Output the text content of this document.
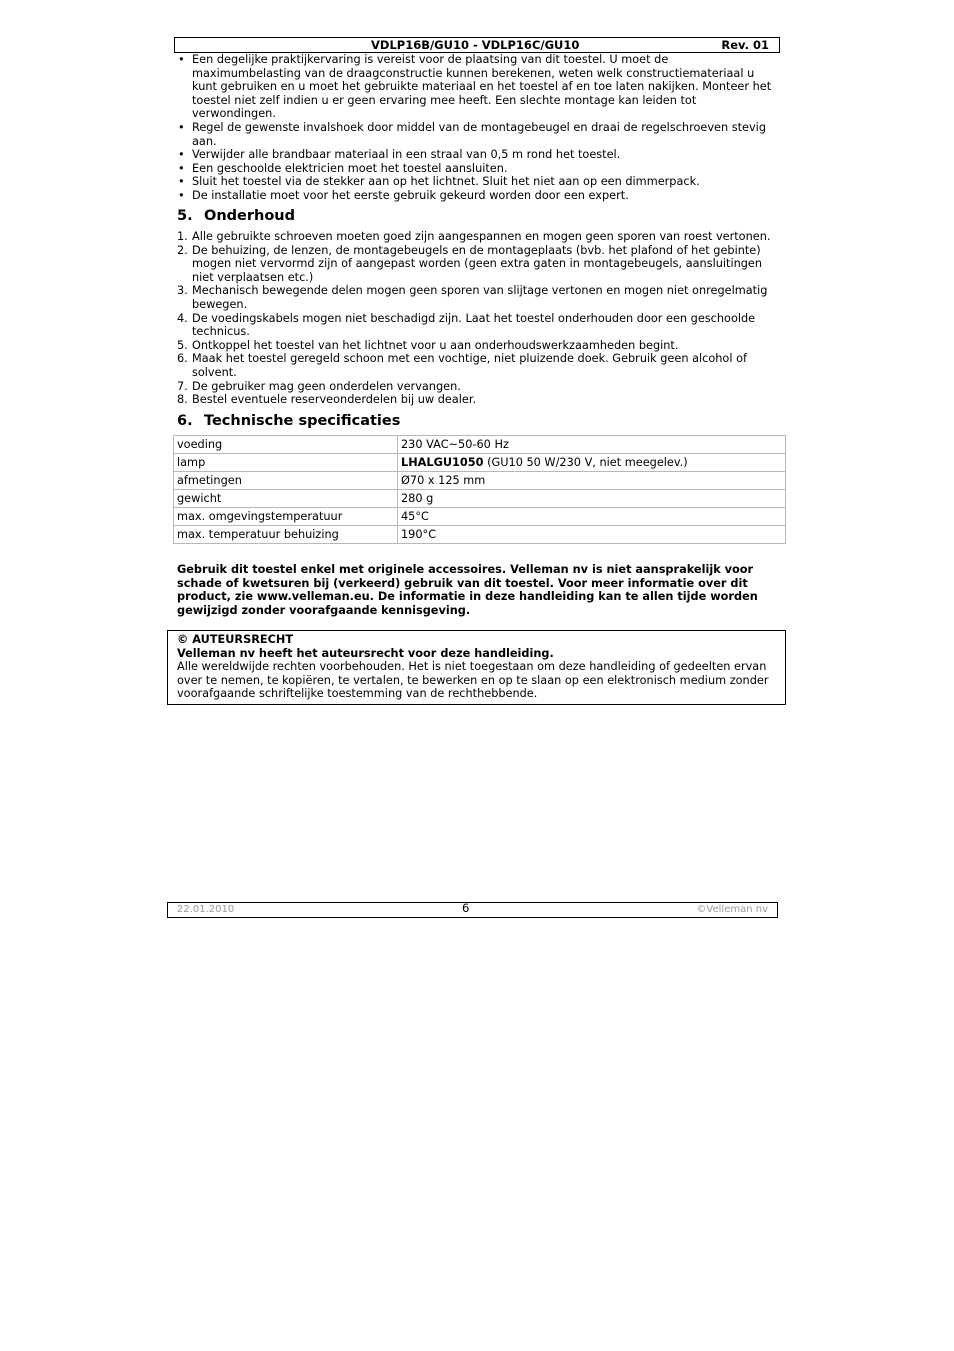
VDLP16B/GU10 - VDLP16C/GU10	Rev. 01
• Een degelijke praktijkervaring is vereist voor de plaatsing van dit toestel. U moet de maximumbelasting van de draagconstructie kunnen berekenen, weten welk constructiemateriaal u kunt gebruiken en u moet het gebruikte materiaal en het toestel af en toe laten nakijken. Monteer het toestel niet zelf indien u er geen ervaring mee heeft. Een slechte montage kan leiden tot verwondingen.
• Regel de gewenste invalshoek door middel van de montagebeugel en draai de regelschroeven stevig aan.
• Verwijder alle brandbaar materiaal in een straal van 0,5 m rond het toestel.
• Een geschoolde elektricien moet het toestel aansluiten.
• Sluit het toestel via de stekker aan op het lichtnet. Sluit het niet aan op een dimmerpack.
• De installatie moet voor het eerste gebruik gekeurd worden door een expert.
5. Onderhoud
1. Alle gebruikte schroeven moeten goed zijn aangespannen en mogen geen sporen van roest vertonen.
2. De behuizing, de lenzen, de montagebeugels en de montageplaats (bvb. het plafond of het gebinte) mogen niet vervormd zijn of aangepast worden (geen extra gaten in montagebeugels, aansluitingen niet verplaatsen etc.)
3. Mechanisch bewegende delen mogen geen sporen van slijtage vertonen en mogen niet onregelmatig bewegen.
4. De voedingskabels mogen niet beschadigd zijn. Laat het toestel onderhouden door een geschoolde technicus.
5. Ontkoppel het toestel van het lichtnet voor u aan onderhoudswerkzaamheden begint.
6. Maak het toestel geregeld schoon met een vochtige, niet pluizende doek. Gebruik geen alcohol of solvent.
7. De gebruiker mag geen onderdelen vervangen.
8. Bestel eventuele reserveonderdelen bij uw dealer.
6. Technische specificaties
voeding	230 VAC~50-60 Hz
lamp	LHALGU1050 (GU10 50 W/230 V, niet meegelev.)
afmetingen	Ø70 x 125 mm
gewicht	280 g
max. omgevingstemperatuur	45°C
max. temperatuur behuizing	190°C
Gebruik dit toestel enkel met originele accessoires. Velleman nv is niet aansprakelijk voor schade of kwetsuren bij (verkeerd) gebruik van dit toestel. Voor meer informatie over dit product, zie www.velleman.eu. De informatie in deze handleiding kan te allen tijde worden gewijzigd zonder voorafgaande kennisgeving.
© AUTEURSRECHT
Velleman nv heeft het auteursrecht voor deze handleiding.
Alle wereldwijde rechten voorbehouden. Het is niet toegestaan om deze handleiding of gedeelten ervan over te nemen, te kopiëren, te vertalen, te bewerken en op te slaan op een elektronisch medium zonder voorafgaande schriftelijke toestemming van de rechthebbende.
22.01.2010	6	©Velleman nv
